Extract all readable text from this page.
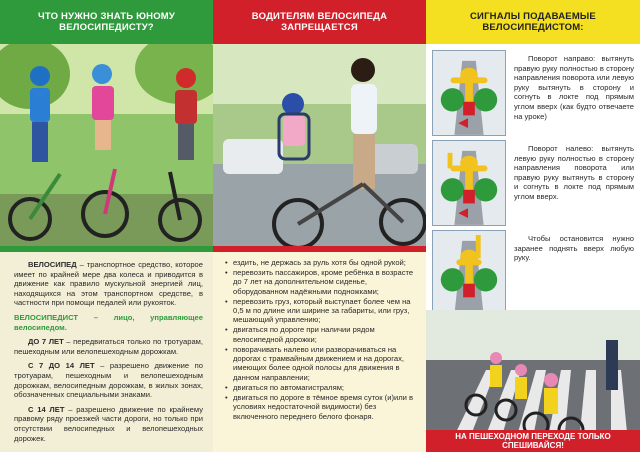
ЧТО НУЖНО ЗНАТЬ ЮНОМУ ВЕЛОСИПЕДИСТУ?

ВЕЛОСИПЕД – транспортное средство, которое имеет по крайней мере два колеса и приводится в движение как правило мускульной энергией лиц, находящихся на этом транспортном средстве, в частности при помощи педалей или рукояток.

ВЕЛОСИПЕДИСТ – лицо, управляющее велосипедом.

ДО 7 ЛЕТ – передвигаться только по тротуарам, пешеходным или велопешеходным дорожкам.

С 7 ДО 14 ЛЕТ – разрешено движение по тротуарам, пешеходным и велопешеходным дорожкам, велосипедным дорожкам, в жилых зонах, обозначенных специальными знаками.

С 14 ЛЕТ – разрешено движение по крайнему правому ряду проезжей части дороги, но только при отсутствии велосипедных и велопешеходных дорожек.

ВОДИТЕЛЯМ ВЕЛОСИПЕДА ЗАПРЕЩАЕТСЯ
• ездить, не держась за руль хотя бы одной рукой;
• перевозить пассажиров, кроме ребёнка в возрасте до 7 лет на дополнительном сиденье, оборудованном надёжными подножками;
• перевозить груз, который выступает более чем на 0,5 м по длине или ширине за габариты, или груз, мешающий управлению;
• двигаться по дороге при наличии рядом велосипедной дорожки;
• поворачивать налево или разворачиваться на дорогах с трамвайным движением и на дорогах, имеющих более одной полосы для движения в данном направлении;
• двигаться по автомагистралям;
• двигаться по дороге в тёмное время суток (и)или в условиях недостаточной видимости) без включенного переднего белого фонаря.
СИГНАЛЫ ПОДАВАЕМЫЕ ВЕЛОСИПЕДИСТОМ:
Поворот направо: вытянуть правую руку полностью в сторону направления поворота или левую руку вытянуть в сторону и согнуть в локте под прямым углом вверх (как будто отвечаете на уроке)
Поворот налево: вытянуть левую руку полностью в сторону направления поворота или правую руку вытянуть в сторону и согнуть в локте под прямым углом вверх.
Чтобы остановится нужно заранее поднять вверх любую руку.
НА ПЕШЕХОДНОМ ПЕРЕХОДЕ ТОЛЬКО СПЕШИВАЙСЯ!
